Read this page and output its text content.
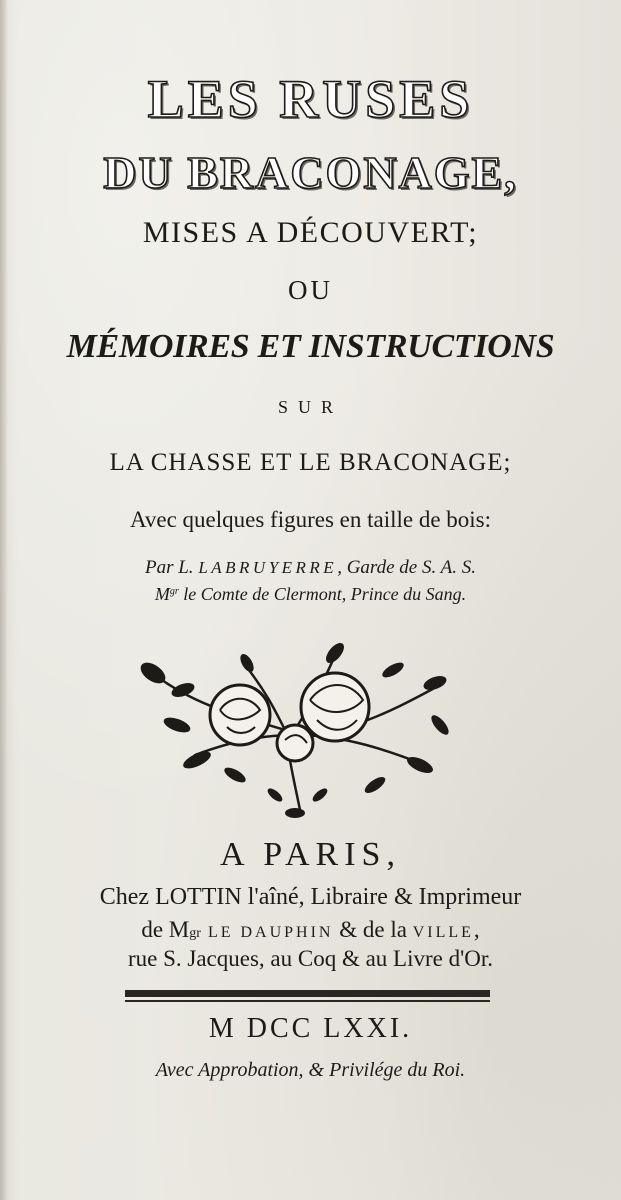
LES RUSES
DU BRACONAGE,
MISES A DÉCOUVERT;
OU
MÉMOIRES ET INSTRUCTIONS
SUR
LA CHASSE ET LE BRACONAGE;
Avec quelques figures en taille de bois:
Par L. LABRUYERRE, Garde de S. A. S.
$M^{gr}$ le Comte de Clermont, Prince du Sang.
A PARIS,
Chez LOTTIN l'aîné, Libraire & Imprimeur
de Mgr LE DAUPHIN & de la VILLE,
rue S. Jacques, au Coq & au Livre d'Or.
M DCC LXXI.
Avec Approbation, & Privilége du Roi.
